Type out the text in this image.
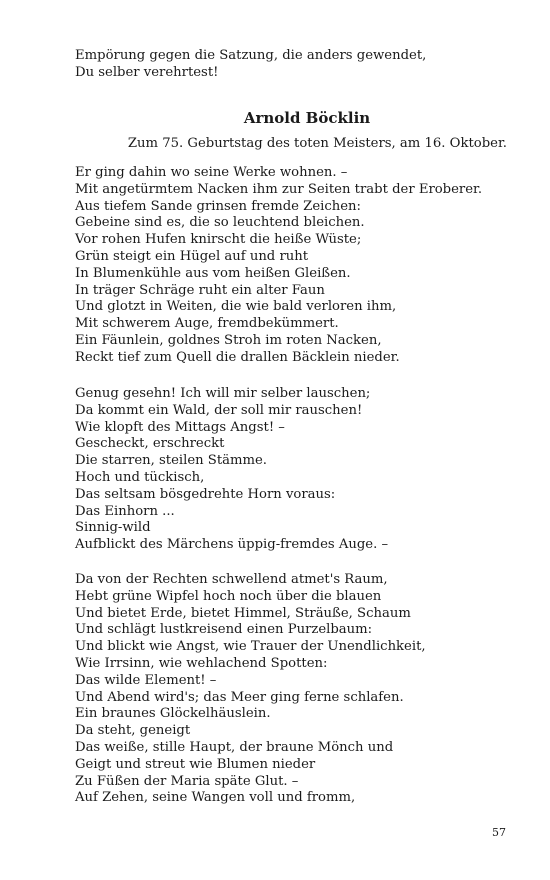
Empörung gegen die Satzung, die anders gewendet,
Du selber verehrtest!
Arnold Böcklin
Zum 75. Geburtstag des toten Meisters, am 16. Oktober.
Er ging dahin wo seine Werke wohnen. –
Mit angetürmtem Nacken ihm zur Seiten trabt der Eroberer.
Aus tiefem Sande grinsen fremde Zeichen:
Gebeine sind es, die so leuchtend bleichen.
Vor rohen Hufen knirscht die heiße Wüste;
Grün steigt ein Hügel auf und ruht
In Blumenkühle aus vom heißen Gleißen.
In träger Schräge ruht ein alter Faun
Und glotzt in Weiten, die wie bald verloren ihm,
Mit schwerem Auge, fremdbekümmert.
Ein Fäunlein, goldnes Stroh im roten Nacken,
Reckt tief zum Quell die drallen Bäcklein nieder.
Genug gesehn! Ich will mir selber lauschen;
Da kommt ein Wald, der soll mir rauschen!
Wie klopft des Mittags Angst! –
Gescheckt, erschreckt
Die starren, steilen Stämme.
Hoch und tückisch,
Das seltsam bösgedrehte Horn voraus:
Das Einhorn ...
Sinnig-wild
Aufblickt des Märchens üppig-fremdes Auge. –
Da von der Rechten schwellend atmet's Raum,
Hebt grüne Wipfel hoch noch über die blauen
Und bietet Erde, bietet Himmel, Sträuße, Schaum
Und schlägt lustkreisend einen Purzelbaum:
Und blickt wie Angst, wie Trauer der Unendlichkeit,
Wie Irrsinn, wie wehlachend Spotten:
Das wilde Element! –
Und Abend wird's; das Meer ging ferne schlafen.
Ein braunes Glöckelhäuslein.
Da steht, geneigt
Das weiße, stille Haupt, der braune Mönch und
Geigt und streut wie Blumen nieder
Zu Füßen der Maria späte Glut. –
Auf Zehen, seine Wangen voll und fromm,
57
